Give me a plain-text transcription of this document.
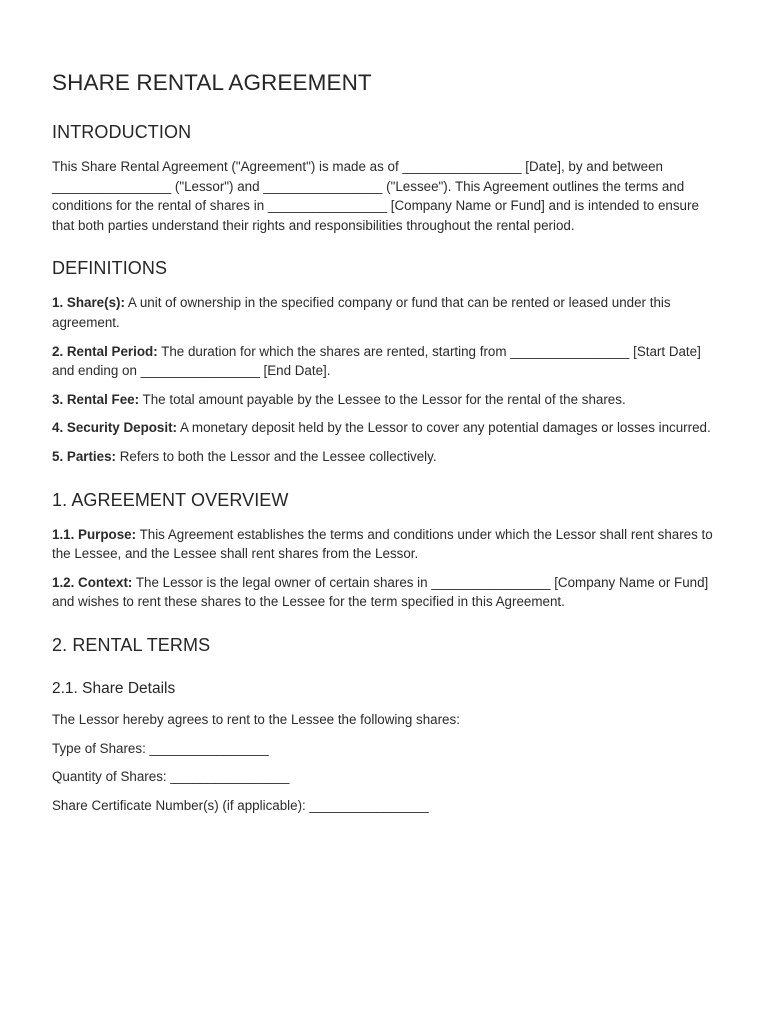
SHARE RENTAL AGREEMENT
INTRODUCTION

This Share Rental Agreement ("Agreement") is made as of ________________ [Date], by and between ________________ ("Lessor") and ________________ ("Lessee"). This Agreement outlines the terms and conditions for the rental of shares in ________________ [Company Name or Fund] and is intended to ensure that both parties understand their rights and responsibilities throughout the rental period.

DEFINITIONS

1. Share(s): A unit of ownership in the specified company or fund that can be rented or leased under this agreement.

2. Rental Period: The duration for which the shares are rented, starting from ________________ [Start Date] and ending on ________________ [End Date].

3. Rental Fee: The total amount payable by the Lessee to the Lessor for the rental of the shares.

4. Security Deposit: A monetary deposit held by the Lessor to cover any potential damages or losses incurred.

5. Parties: Refers to both the Lessor and the Lessee collectively.

1. AGREEMENT OVERVIEW

1.1. Purpose: This Agreement establishes the terms and conditions under which the Lessor shall rent shares to the Lessee, and the Lessee shall rent shares from the Lessor.

1.2. Context: The Lessor is the legal owner of certain shares in ________________ [Company Name or Fund] and wishes to rent these shares to the Lessee for the term specified in this Agreement.

2. RENTAL TERMS
2.1. Share Details

The Lessor hereby agrees to rent to the Lessee the following shares:

Type of Shares: ________________

Quantity of Shares: ________________

Share Certificate Number(s) (if applicable): ________________
